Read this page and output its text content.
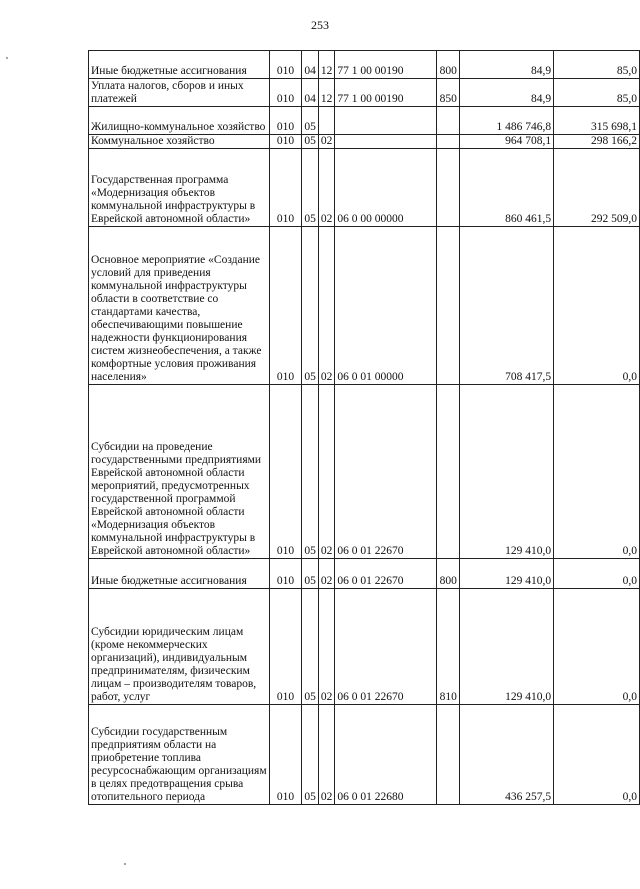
253
Иные бюджетные ассигнования	010	04	12	77 1 00 00190	800	84,9	85,0
Уплата налогов, сборов и иных платежей	010	04	12	77 1 00 00190	850	84,9	85,0
Жилищно-коммунальное хозяйство	010	05				1 486 746,8	315 698,1
Коммунальное хозяйство	010	05	02			964 708,1	298 166,2
Государственная программа «Модернизация объектов коммунальной инфраструктуры в Еврейской автономной области»	010	05	02	06 0 00 00000		860 461,5	292 509,0
Основное мероприятие «Создание условий для приведения коммунальной инфраструктуры области в соответствие со стандартами качества, обеспечивающими повышение надежности функционирования систем жизнеобеспечения, а также комфортные условия проживания населения»	010	05	02	06 0 01 00000		708 417,5	0,0
Субсидии на проведение государственными предприятиями Еврейской автономной области мероприятий, предусмотренных государственной программой Еврейской автономной области «Модернизация объектов коммунальной инфраструктуры в Еврейской автономной области»	010	05	02	06 0 01 22670		129 410,0	0,0
Иные бюджетные ассигнования	010	05	02	06 0 01 22670	800	129 410,0	0,0
Субсидии юридическим лицам (кроме некоммерческих организаций), индивидуальным предпринимателям, физическим лицам – производителям товаров, работ, услуг	010	05	02	06 0 01 22670	810	129 410,0	0,0
Субсидии государственным предприятиям области на приобретение топлива ресурсоснабжающим организациям в целях предотвращения срыва отопительного периода	010	05	02	06 0 01 22680		436 257,5	0,0
